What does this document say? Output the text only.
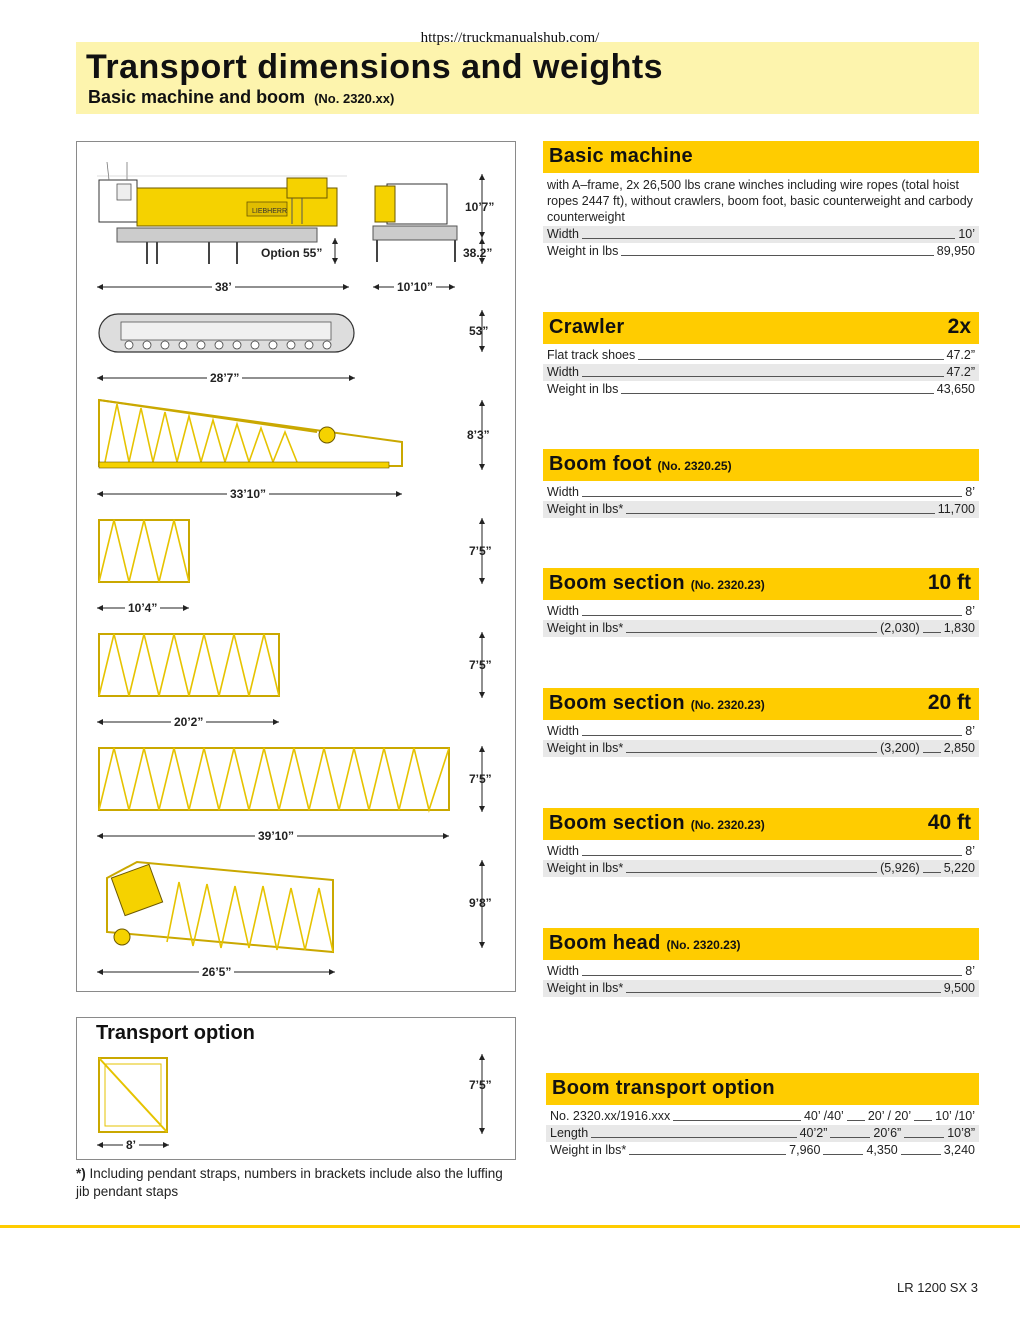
https://truckmanualshub.com/
Transport dimensions and weights
Basic machine and boom (No. 2320.xx)
LIEBHERR	10’7”
Option 55”	38.2”
38’	10’10”
53”
28’7”
8’3”
33’10”
7’5”
10’4”
7’5”
20’2”
7’5”
39’10”
9’8”
26’5”
Transport option
7’5”
8’
*) Including pendant straps, numbers in brackets include also the luffing jib pendant staps
Basic machine
with A–frame, 2x 26,500 lbs crane winches including wire ropes (total hoist ropes 2447 ft), without crawlers, boom foot, basic counterweight and carbody counterweight
Width	10’
Weight in lbs	89,950
Crawler	2x
Flat track shoes	47.2”
Width	47.2”
Weight in lbs	43,650
Boom foot (No. 2320.25)
Width	8’
Weight in lbs*	11,700
Boom section (No. 2320.23)	10 ft
Width	8’
Weight in lbs*	(2,030) 1,830
Boom section (No. 2320.23)	20 ft
Width	8’
Weight in lbs*	(3,200) 2,850
Boom section (No. 2320.23)	40 ft
Width	8’
Weight in lbs*	(5,926) 5,220
Boom head (No. 2320.23)
Width	8’
Weight in lbs*	9,500
Boom transport option
No. 2320.xx/1916.xxx	40’ /40’ 20’ / 20’ 10’ /10’
Length	40’2”	20’6”	10’8”
Weight in lbs*	7,960	4,350	3,240
LR 1200 SX 3
